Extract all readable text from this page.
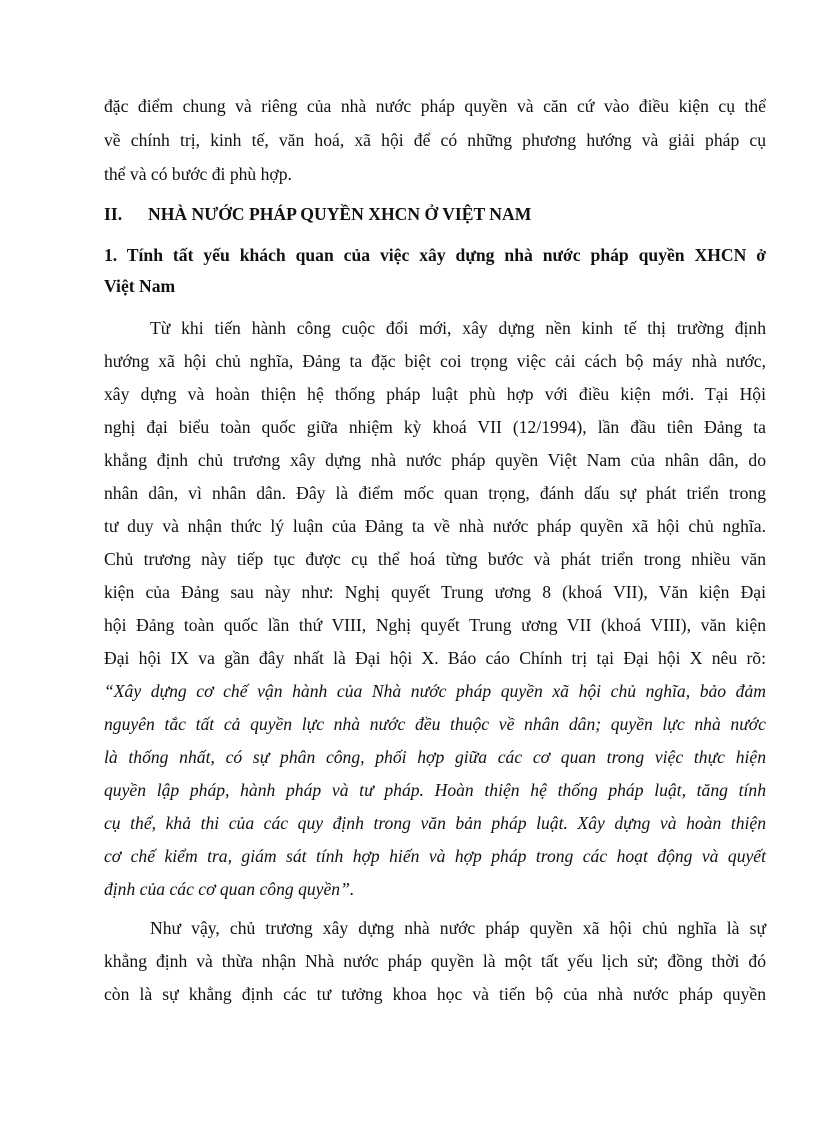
đặc điểm chung và riêng của nhà nước pháp quyền và căn cứ vào điều kiện cụ thể
về chính trị, kinh tế, văn hoá, xã hội để có những phương hướng và giải pháp cụ
thể và có bước đi phù hợp.
II. NHÀ NƯỚC PHÁP QUYỀN XHCN Ở VIỆT NAM
1. Tính tất yếu khách quan của việc xây dựng nhà nước pháp quyền XHCN ở
Việt Nam
Từ khi tiến hành công cuộc đổi mới, xây dựng nền kinh tế thị trường định
hướng xã hội chủ nghĩa, Đảng ta đặc biệt coi trọng việc cải cách bộ máy nhà nước,
xây dựng và hoàn thiện hệ thống pháp luật phù hợp với điều kiện mới. Tại Hội
nghị đại biểu toàn quốc giữa nhiệm kỳ khoá VII (12/1994), lần đầu tiên Đảng ta
khẳng định chủ trương xây dựng nhà nước pháp quyền Việt Nam của nhân dân, do
nhân dân, vì nhân dân. Đây là điểm mốc quan trọng, đánh dấu sự phát triển trong
tư duy và nhận thức lý luận của Đảng ta về nhà nước pháp quyền xã hội chủ nghĩa.
Chủ trương này tiếp tục được cụ thể hoá từng bước và phát triển trong nhiều văn
kiện của Đảng sau này như: Nghị quyết Trung ương 8 (khoá VII), Văn kiện Đại
hội Đảng toàn quốc lần thứ VIII, Nghị quyết Trung ương VII (khoá VIII), văn kiện
Đại hội IX va gần đây nhất là Đại hội X. Báo cáo Chính trị tại Đại hội X nêu rõ:
“Xây dựng cơ chế vận hành của Nhà nước pháp quyền xã hội chủ nghĩa, bảo đảm
nguyên tắc tất cả quyền lực nhà nước đều thuộc về nhân dân; quyền lực nhà nước
là thống nhất, có sự phân công, phối hợp giữa các cơ quan trong việc thực hiện
quyền lập pháp, hành pháp và tư pháp. Hoàn thiện hệ thống pháp luật, tăng tính
cụ thể, khả thi của các quy định trong văn bản pháp luật. Xây dựng và hoàn thiện
cơ chế kiểm tra, giám sát tính hợp hiến và hợp pháp trong các hoạt động và quyết
định của các cơ quan công quyền”.
Như vậy, chủ trương xây dựng nhà nước pháp quyền xã hội chủ nghĩa là sự
khẳng định và thừa nhận Nhà nước pháp quyền là một tất yếu lịch sử; đồng thời đó
còn là sự khẳng định các tư tưởng khoa học và tiến bộ của nhà nước pháp quyền
